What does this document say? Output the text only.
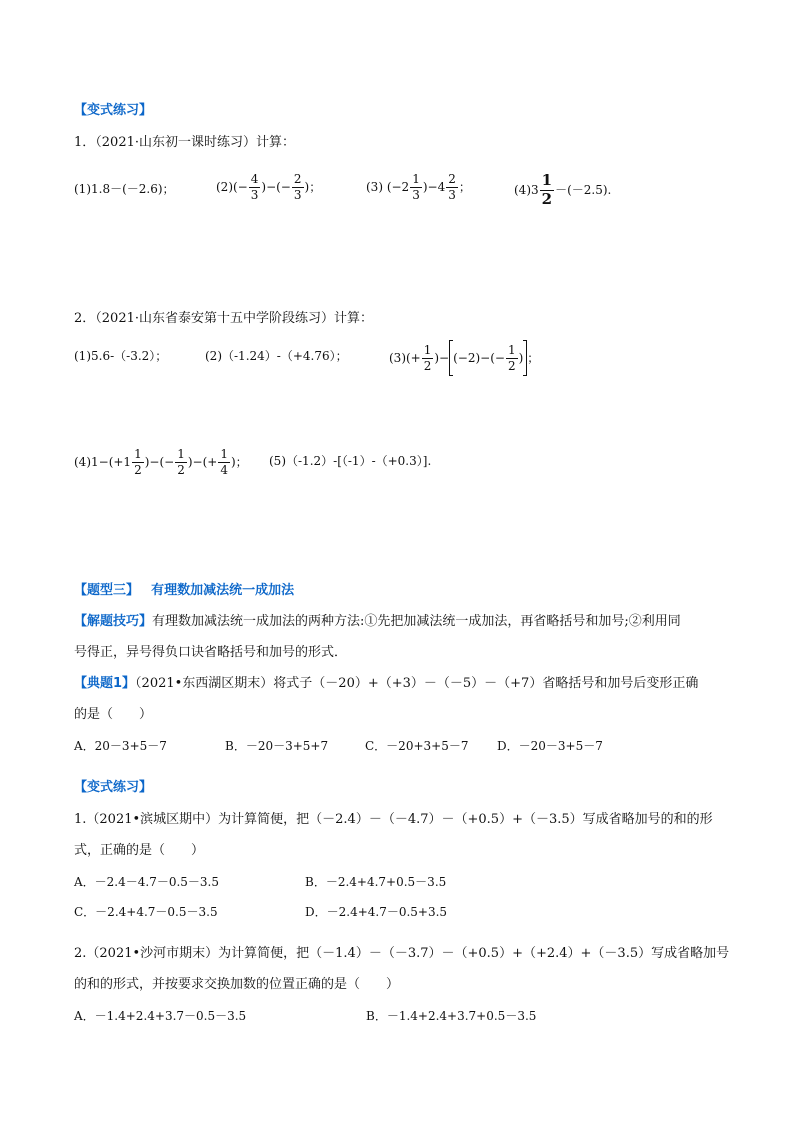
【变式练习】
1．（2021·山东初一课时练习）计算：
(1)1.8－(－2.6)；	(2) (− $\frac{4}{3}$ )−(− $\frac{2}{3}$ ) ；	(3) ( −2
1
3
) −4
2
3
；	(4)3
1
2 －(－2.5).
2．（2021·山东省泰安第十五中学阶段练习）计算：
(1)5.6-（-3.2）；	(2)（-1.24）-（+4.76）；	$(3)(+ \frac{1}{2}$ )− $(-2)-(- \frac{1}{2}$ ) ；
(4)1−(+1
1
2
)−(− $\frac{1}{2}$ )−(+ $\frac{1}{4}$ )； (5)（-1.2）-[（-1）-（+0.3）].
【题型三】 有理数加减法统一成加法
【解题技巧】有理数加减法统一成加法的两种方法:①先把加减法统一成加法，再省略括号和加号;②利用同
号得正，异号得负口诀省略括号和加号的形式．
【典题1】（2021•东西湖区期末）将式子（－20）+（+3）－（－5）－（+7）省略括号和加号后变形正确
的是（　　）
A．20－3+5－7	B．－20－3+5+7	C．－20+3+5－7 D．－20－3+5－7
【变式练习】
1.（2021•滨城区期中）为计算简便，把（－2.4）－（－4.7）－（+0.5）+（－3.5）写成省略加号的和的形
式，正确的是（　　）
A．－2.4－4.7－0.5－3.5	B．－2.4+4.7+0.5－3.5
C．－2.4+4.7－0.5－3.5	D．－2.4+4.7－0.5+3.5
2.（2021•沙河市期末）为计算简便，把（－1.4）－（－3.7）－（+0.5）+（+2.4）+（－3.5）写成省略加号
的和的形式，并按要求交换加数的位置正确的是（　　）
A．－1.4+2.4+3.7－0.5－3.5	B．－1.4+2.4+3.7+0.5－3.5
